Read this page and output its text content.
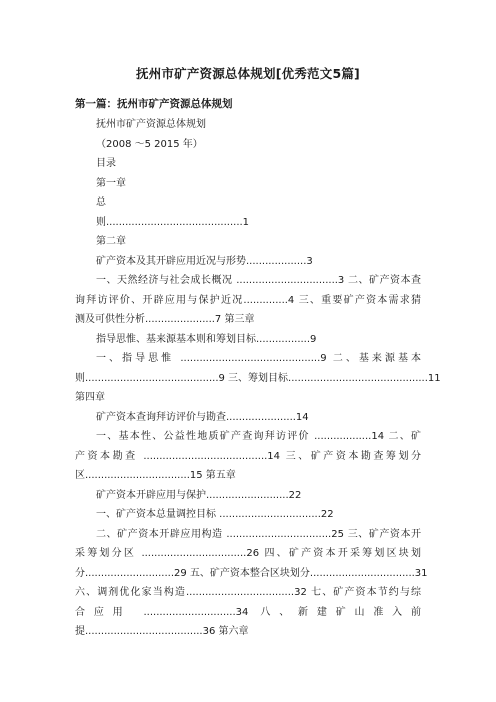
抚州市矿产资源总体规划[优秀范文5篇]
第一篇：抚州市矿产资源总体规划
抚州市矿产资源总体规划
（2008 ～5 2015 年）
目录
第一章
总
则...........................................1
第二章
矿产资本及其开辟应用近况与形势...................3
一、天然经济与社会成长概况 ................................3 二、矿产资本查
询拜访评价、开辟应用与保护近况..............4 三、重要矿产资本需求猜
测及可供性分析......................7 第三章
指导思惟、基来源基本则和筹划目标.................9
一、指导思惟 ............................................9 二、基来源基本
则..........................................9 三、筹划目标............................................11
第四章
矿产资本查询拜访评价与勘查......................14
一、基本性、公益性地质矿产查询拜访评价 ..................14 二、矿
产资本勘查 .......................................14 三、矿产资本勘查筹划分
区.................................15 第五章
矿产资本开辟应用与保护..........................22
一、矿产资本总量调控目标 ................................22
二、矿产资本开辟应用构造 .................................25 三、矿产资本开
采筹划分区 .................................26 四、矿产资本开采筹划区块划
分............................29 五、矿产资本整合区块划分.................................31
六、调剂优化家当构造..................................32 七、矿产资本节约与综
合应用 .............................34 八、新建矿山准入前
提.....................................36 第六章
